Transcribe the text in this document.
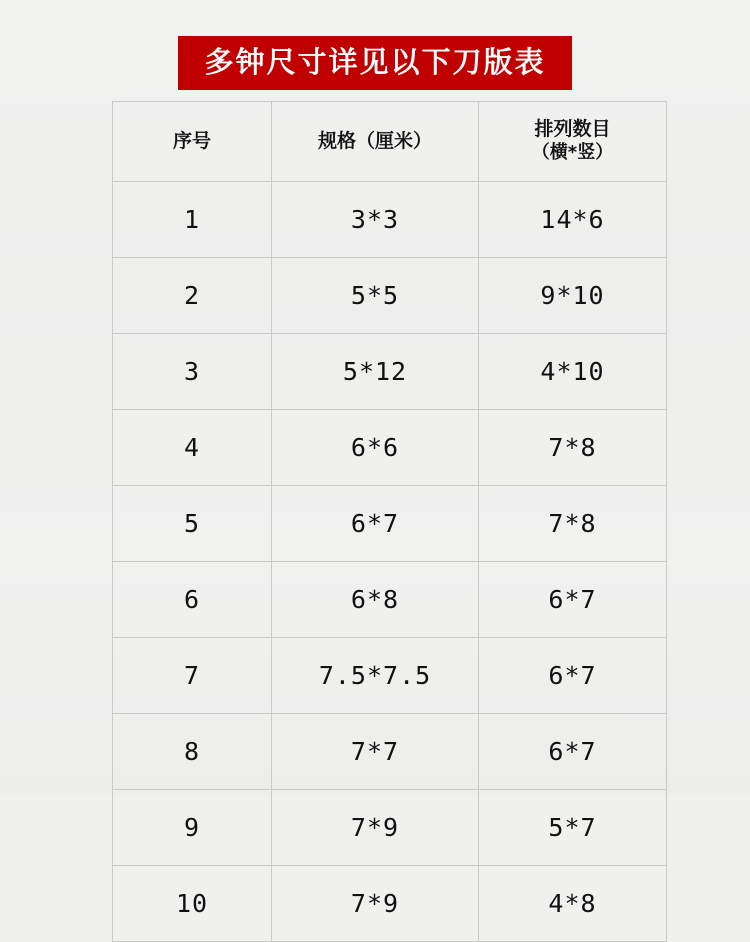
多钟尺寸详见以下刀版表
序号	规格（厘米）	排列数目
（横*竖）

1	3*3	14*6
2	5*5	9*10
3	5*12	4*10
4	6*6	7*8
5	6*7	7*8
6	6*8	6*7
7	7.5*7.5	6*7
8	7*7	6*7
9	7*9	5*7
10	7*9	4*8
